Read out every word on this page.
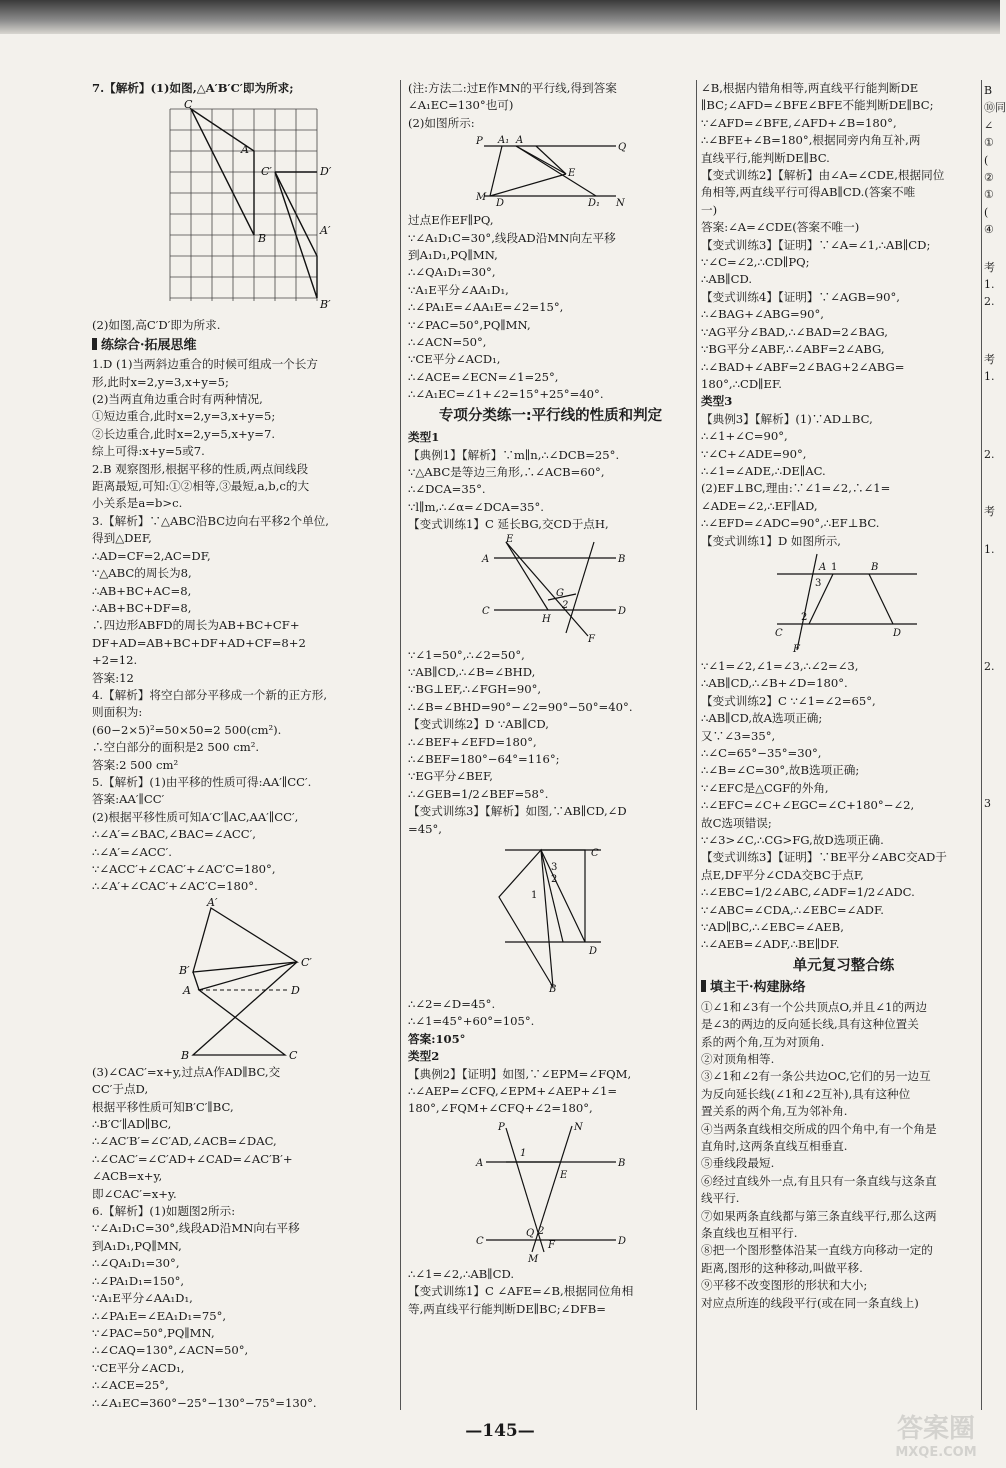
7.【解析】(1)如图,△A′B′C′即为所求;
C
A
B
C′	D′
A′
B′
(2)如图,高C′D′即为所求.
练综合·拓展思维
1.D (1)当两斜边重合的时候可组成一个长方
形,此时x=2,y=3,x+y=5;
(2)当两直角边重合时有两种情况,
①短边重合,此时x=2,y=3,x+y=5;
②长边重合,此时x=2,y=5,x+y=7.
综上可得:x+y=5或7.
2.B 观察图形,根据平移的性质,两点间线段
距离最短,可知:①②相等,③最短,a,b,c的大
小关系是a=b>c.
3.【解析】∵△ABC沿BC边向右平移2个单位,
得到△DEF,
∴AD=CF=2,AC=DF,
∵△ABC的周长为8,
∴AB+BC+AC=8,
∴AB+BC+DF=8,
∴四边形ABFD的周长为AB+BC+CF+
DF+AD=AB+BC+DF+AD+CF=8+2
+2=12.
答案:12
4.【解析】将空白部分平移成一个新的正方形,
则面积为:
(60−2×5)²=50×50=2 500(cm²).
∴空白部分的面积是2 500 cm².
答案:2 500 cm²
5.【解析】(1)由平移的性质可得:AA′∥CC′.
答案:AA′∥CC′
(2)根据平移性质可知A′C′∥AC,AA′∥CC′,
∴∠A′=∠BAC,∠BAC=∠ACC′,
∴∠A′=∠ACC′.
∵∠ACC′+∠CAC′+∠AC′C=180°,
∴∠A′+∠CAC′+∠AC′C=180°.
A′
B′
C′
A	D
B	C
(3)∠CAC′=x+y,过点A作AD∥BC,交
CC′于点D,
根据平移性质可知B′C′∥BC,
∴B′C′∥AD∥BC,
∴∠AC′B′=∠C′AD,∠ACB=∠DAC,
∴∠CAC′=∠C′AD+∠CAD=∠AC′B′+
∠ACB=x+y,
即∠CAC′=x+y.
6.【解析】(1)如题图2所示:
∵∠A₁D₁C=30°,线段AD沿MN向右平移
到A₁D₁,PQ∥MN,
∴∠QA₁D₁=30°,
∴∠PA₁D₁=150°,
∵A₁E平分∠AA₁D₁,
∴∠PA₁E=∠EA₁D₁=75°,
∵∠PAC=50°,PQ∥MN,
∴∠CAQ=130°,∠ACN=50°,
∵CE平分∠ACD₁,
∴∠ACE=25°,
∴∠A₁EC=360°−25°−130°−75°=130°.
(注:方法二:过E作MN的平行线,得到答案
∠A₁EC=130°也可)
(2)如图所示:
P A₁ A
Q
E
M
D	D₁ N
过点E作EF∥PQ,
∵∠A₁D₁C=30°,线段AD沿MN向左平移
到A₁D₁,PQ∥MN,
∴∠QA₁D₁=30°,
∵A₁E平分∠AA₁D₁,
∴∠PA₁E=∠AA₁E=∠2=15°,
∵∠PAC=50°,PQ∥MN,
∴∠ACN=50°,
∵CE平分∠ACD₁,
∴∠ACE=∠ECN=∠1=25°,
∴∠A₁EC=∠1+∠2=15°+25°=40°.
专项分类练一:平行线的性质和判定
类型1
【典例1】【解析】∵m∥n,∴∠DCB=25°.
∵△ABC是等边三角形,∴∠ACB=60°,
∴∠DCA=35°.
∵l∥m,∴∠α=∠DCA=35°.
【变式训练1】C 延长BG,交CD于点H,
A
E
B
C	D
H
G
2
F
∵∠1=50°,∴∠2=50°,
∵AB∥CD,∴∠B=∠BHD,
∵BG⊥EF,∴∠FGH=90°,
∴∠B=∠BHD=90°−∠2=90°−50°=40°.
【变式训练2】D ∵AB∥CD,
∴∠BEF+∠EFD=180°,
∴∠BEF=180°−64°=116°;
∵EG平分∠BEF,
∴∠GEB=1/2∠BEF=58°.
【变式训练3】【解析】如图,∵AB∥CD,∠D
=45°,
C
D
B
1
2
3
∴∠2=∠D=45°.
∴∠1=45°+60°=105°.
答案:105°
类型2
【典例2】【证明】如图,∵∠EPM=∠FQM,
∴∠AEP=∠CFQ,∠EPM+∠AEP+∠1=
180°,∠FQM+∠CFQ+∠2=180°,
P	N
A	B
E
1
Q 2
C	D
F
M
∴∠1=∠2,∴AB∥CD.
【变式训练1】C ∠AFE=∠B,根据同位角相
等,两直线平行能判断DE∥BC;∠DFB=
∠B,根据内错角相等,两直线平行能判断DE
∥BC;∠AFD=∠BFE∠BFE不能判断DE∥BC;
∵∠AFD=∠BFE,∠AFD+∠B=180°,
∴∠BFE+∠B=180°,根据同旁内角互补,两
直线平行,能判断DE∥BC.
【变式训练2】【解析】由∠A=∠CDE,根据同位
角相等,两直线平行可得AB∥CD.(答案不唯
一)
答案:∠A=∠CDE(答案不唯一)
【变式训练3】【证明】∵∠A=∠1,∴AB∥CD;
∵∠C=∠2,∴CD∥PQ;
∴AB∥CD.
【变式训练4】【证明】∵∠AGB=90°,
∴∠BAG+∠ABG=90°,
∵AG平分∠BAD,∴∠BAD=2∠BAG,
∵BG平分∠ABF,∴∠ABF=2∠ABG,
∴∠BAD+∠ABF=2∠BAG+2∠ABG=
180°,∴CD∥EF.
类型3
【典例3】【解析】(1)∵AD⊥BC,
∴∠1+∠C=90°,
∵∠C+∠ADE=90°,
∴∠1=∠ADE,∴DE∥AC.
(2)EF⊥BC,理由:∵∠1=∠2,∴∠1=
∠ADE=∠2,∴EF∥AD,
∴∠EFD=∠ADC=90°,∴EF⊥BC.
【变式训练1】D 如图所示,
A 1	B
3
2
C	D
F
∵∠1=∠2,∠1=∠3,∴∠2=∠3,
∴AB∥CD,∴∠B+∠D=180°.
【变式训练2】C ∵∠1=∠2=65°,
∴AB∥CD,故A选项正确;
又∵∠3=35°,
∴∠C=65°−35°=30°,
∴∠B=∠C=30°,故B选项正确;
∵∠EFC是△CGF的外角,
∴∠EFC=∠C+∠EGC=∠C+180°−∠2,
故C选项错误;
∵∠3>∠C,∴CG>FG,故D选项正确.
【变式训练3】【证明】∵BE平分∠ABC交AD于
点E,DF平分∠CDA交BC于点F,
∴∠EBC=1/2∠ABC,∠ADF=1/2∠ADC.
∵∠ABC=∠CDA,∴∠EBC=∠ADF.
∵AD∥BC,∴∠EBC=∠AEB,
∴∠AEB=∠ADF,∴BE∥DF.
单元复习整合练
填主干·构建脉络
①∠1和∠3有一个公共顶点O,并且∠1的两边
是∠3的两边的反向延长线,具有这种位置关
系的两个角,互为对顶角.
②对顶角相等.
③∠1和∠2有一条公共边OC,它们的另一边互
为反向延长线(∠1和∠2互补),具有这种位
置关系的两个角,互为邻补角.
④当两条直线相交所成的四个角中,有一个角是
直角时,这两条直线互相垂直.
⑤垂线段最短.
⑥经过直线外一点,有且只有一条直线与这条直
线平行.
⑦如果两条直线都与第三条直线平行,那么这两
条直线也互相平行.
⑧把一个图形整体沿某一直线方向移动一定的
距离,图形的这种移动,叫做平移.
⑨平移不改变图形的形状和大小;
对应点所连的线段平行(或在同一条直线上)
B
⑩同
∠
①
(
②
①
(
④
考
1.
2.
考
1.
2.
考
1.
2.
3
—145—	答案圈
MXQE.COM
